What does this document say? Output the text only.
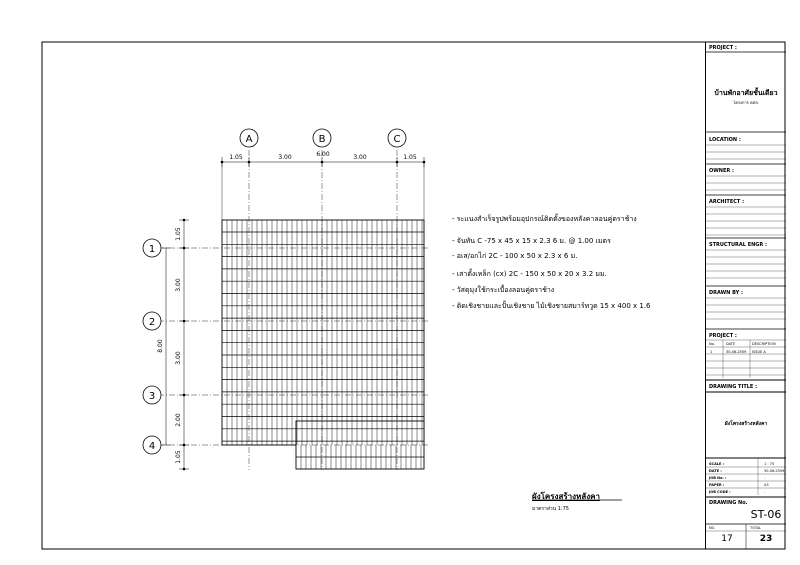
A	B	C
1
2
3
4
1.05	3.00	6.00	3.00	1.05
1.05
3.00
3.00
2.00
1.05
8.00
- ระแนงสำเร็จรูปพร้อมอุปกรณ์ติดตั้งของหลังคาลอนคู่ตราช้าง
- จันทัน C -75 x 45 x 15 x 2.3 6 ม. @ 1.00 เมตร
- อเส/อกไก่ 2C - 100 x 50 x 2.3 x 6 ม.
- เสาตั้งเหล็ก (cx) 2C - 150 x 50 x 20 x 3.2 มม.
- วัสดุมุงใช้กระเบื้องลอนคู่ตราช้าง
- ติดเชิงชายและปั้นเชิงชาย ไม้เชิงชายสมาร์ทวูด 15 x 400 x 1.6
ผังโครงสร้างหลังคา
มาตราส่วน 1:75
PROJECT :
บ้านพักอาศัยชั้นเดียว
โครงการ คสล.
LOCATION :
OWNER :
ARCHITECT :
STRUCTURAL ENGR :
DRAWN BY :
PROJECT :
No.	DATE	DESCRIPTION
1	30-06-2559 ISSUE A
DRAWING TITLE :
ผังโครงสร้างหลังคา
SCALE :	1 : 75
DATE :	30-06-2559
JOB No. :	-
PAPER :	A3
JOB CODE :	-
DRAWING No.
ST-06
NO.	TOTAL
17	23
